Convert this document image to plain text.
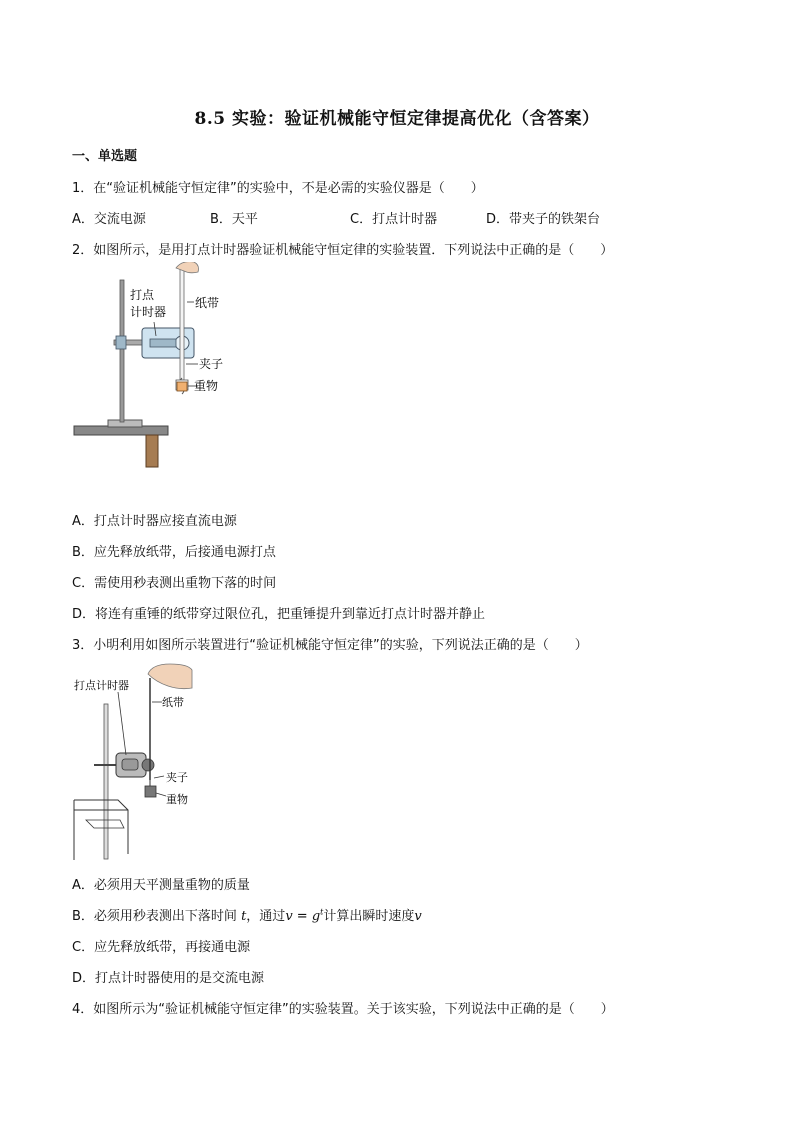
8.5 实验：验证机械能守恒定律提高优化（含答案）
一、单选题
1．在“验证机械能守恒定律”的实验中，不是必需的实验仪器是（　　）
A．交流电源	B．天平	C．打点计时器	D．带夹子的铁架台
2．如图所示，是用打点计时器验证机械能守恒定律的实验装置．下列说法中正确的是（　　）
打点
计时器
纸带
夹子
重物
A．打点计时器应接直流电源
B．应先释放纸带，后接通电源打点
C．需使用秒表测出重物下落的时间
D．将连有重锤的纸带穿过限位孔，把重锤提升到靠近打点计时器并静止
3．小明利用如图所示装置进行“验证机械能守恒定律”的实验，下列说法正确的是（　　）
打点计时器
纸带
夹子
重物
A．必须用天平测量重物的质量
B．必须用秒表测出下落时间 t，通过$v = g^t$计算出瞬时速度v
C．应先释放纸带，再接通电源
D．打点计时器使用的是交流电源
4．如图所示为“验证机械能守恒定律”的实验装置。关于该实验，下列说法中正确的是（　　）
